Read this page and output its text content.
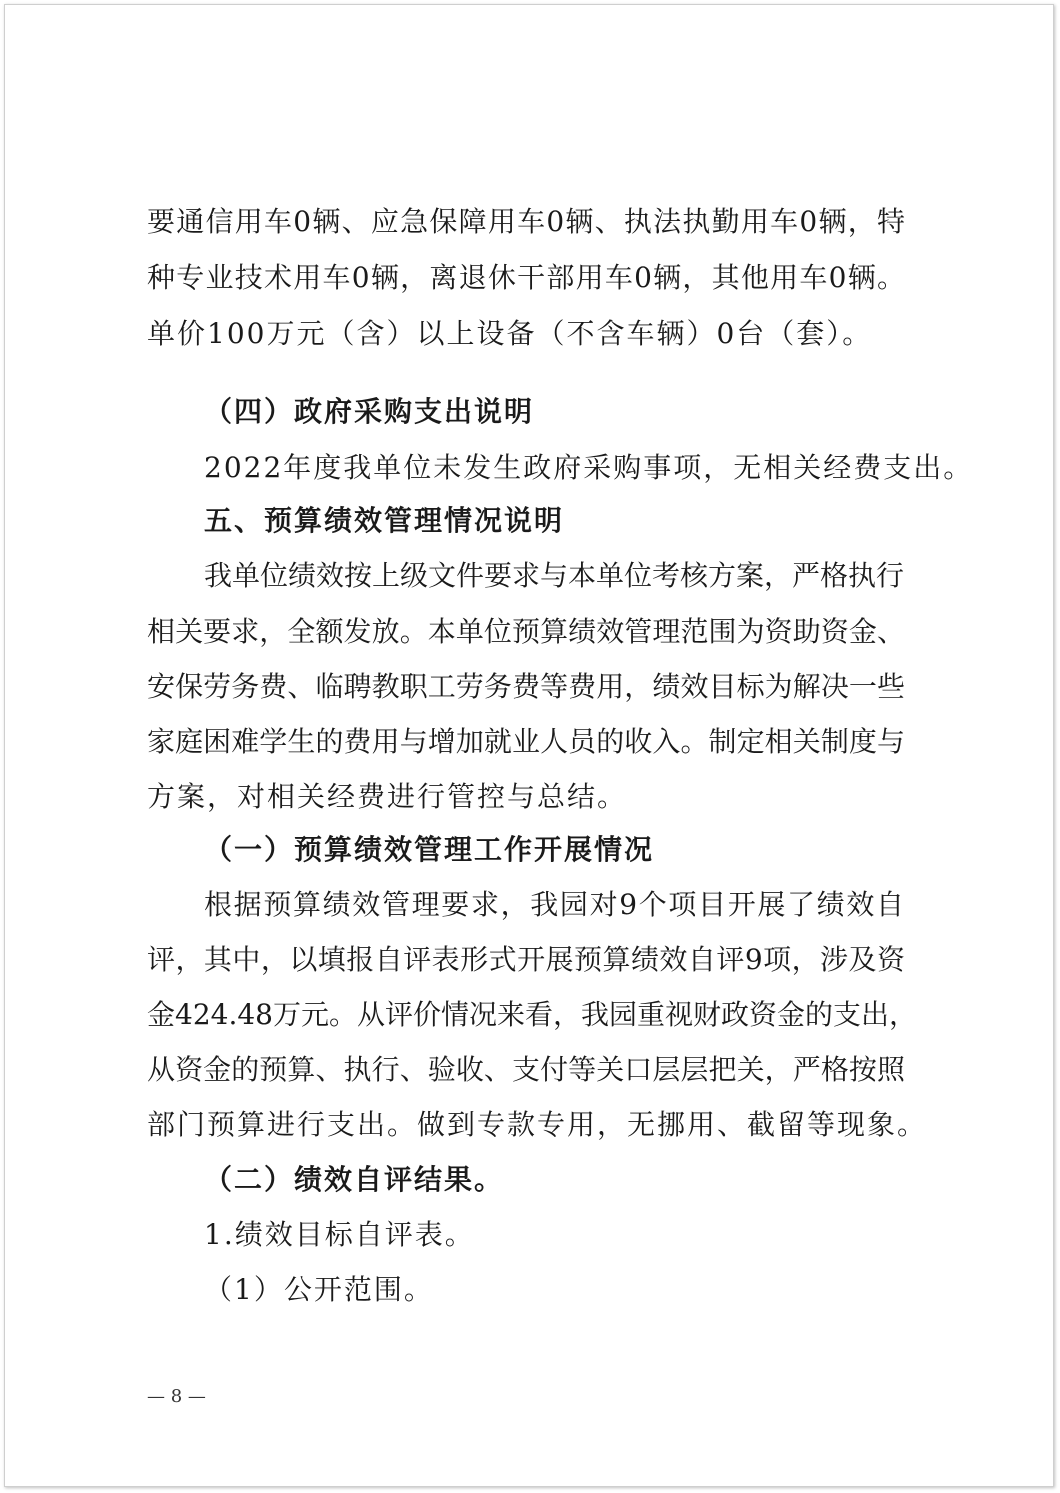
要通信用车0辆、应急保障用车0辆、执法执勤用车0辆，特
种专业技术用车0辆，离退休干部用车0辆，其他用车0辆。
单价100万元（含）以上设备（不含车辆）0台（套）。
（四）政府采购支出说明
2022年度我单位未发生政府采购事项，无相关经费支出。
五、预算绩效管理情况说明
我单位绩效按上级文件要求与本单位考核方案，严格执行
相关要求，全额发放。本单位预算绩效管理范围为资助资金、
安保劳务费、临聘教职工劳务费等费用，绩效目标为解决一些
家庭困难学生的费用与增加就业人员的收入。制定相关制度与
方案，对相关经费进行管控与总结。
（一）预算绩效管理工作开展情况
根据预算绩效管理要求，我园对9个项目开展了绩效自
评，其中，以填报自评表形式开展预算绩效自评9项，涉及资
金424.48万元。从评价情况来看，我园重视财政资金的支出，
从资金的预算、执行、验收、支付等关口层层把关，严格按照
部门预算进行支出。做到专款专用，无挪用、截留等现象。
（二）绩效自评结果。
1.绩效目标自评表。
（1）公开范围。
— 8 —
